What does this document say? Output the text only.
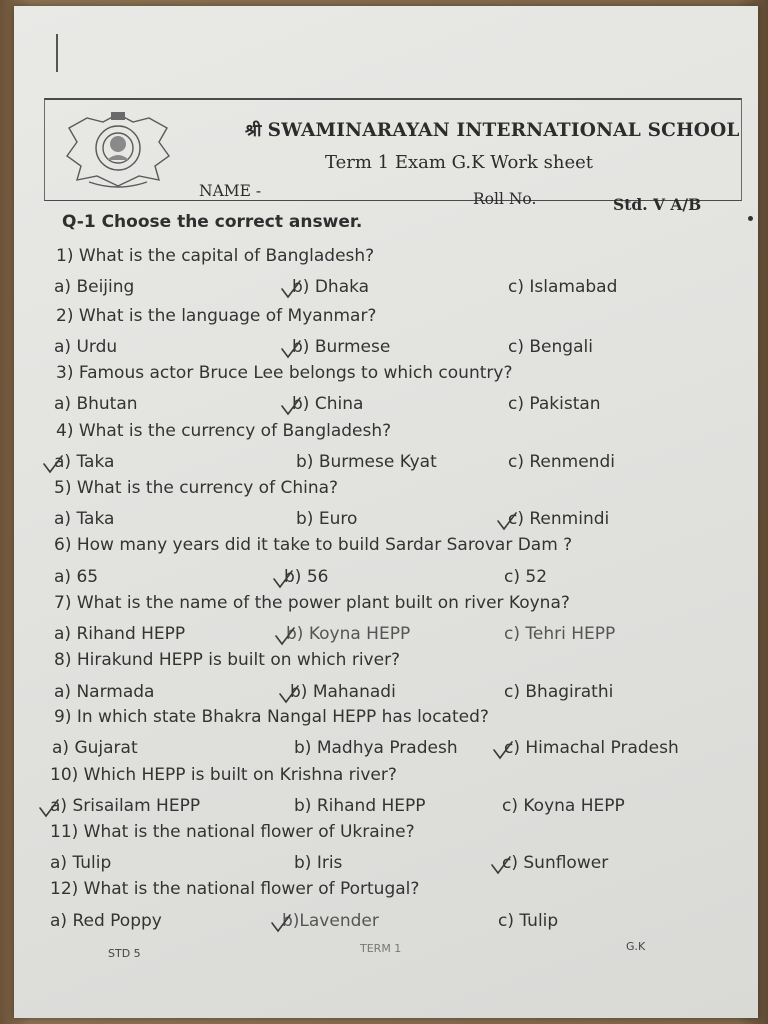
श्री SWAMINARAYAN INTERNATIONAL SCHOOL
Term 1 Exam G.K Work sheet
NAME -	Roll No.	Std. V A/B
Q-1 Choose the correct answer.
1) What is the capital of Bangladesh?
a) Beijing	b) Dhaka	c) Islamabad
2) What is the language of Myanmar?
a) Urdu	b) Burmese	c) Bengali
3) Famous actor Bruce Lee belongs to which country?
a) Bhutan	b) China	c) Pakistan
4) What is the currency of Bangladesh?
a) Taka	b) Burmese Kyat	c) Renmendi
5) What is the currency of China?
a) Taka	b) Euro	c) Renmindi
6) How many years did it take to build Sardar Sarovar Dam ?
a) 65	b) 56	c) 52
7) What is the name of the power plant built on river Koyna?
a) Rihand HEPP	b) Koyna HEPP	c) Tehri HEPP
8) Hirakund HEPP is built on which river?
a) Narmada	b) Mahanadi	c) Bhagirathi
9) In which state Bhakra Nangal HEPP has located?
a) Gujarat	b) Madhya Pradesh	c) Himachal Pradesh
10) Which HEPP is built on Krishna river?
a) Srisailam HEPP	b) Rihand HEPP	c) Koyna HEPP
11) What is the national flower of Ukraine?
a) Tulip	b) Iris	c) Sunflower
12) What is the national flower of Portugal?
a) Red Poppy	b)Lavender	c) Tulip
STD 5	TERM 1	G.K
